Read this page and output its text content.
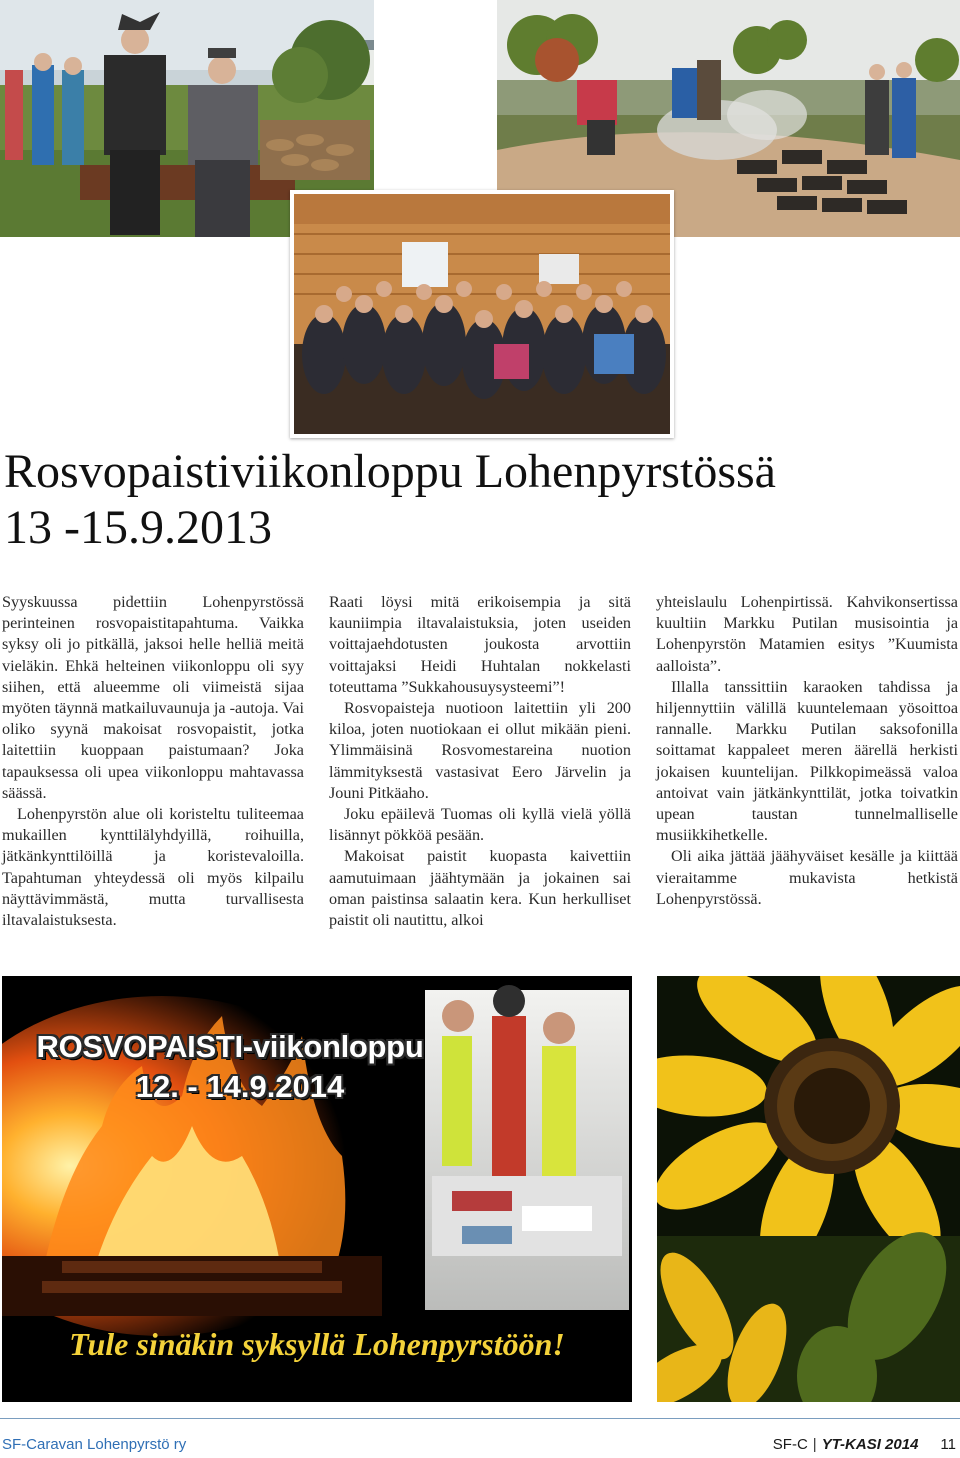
Rosvopaistiviikonloppu Lohenpyrstössä
13 -15.9.2013

Syyskuussa pidettiin Lohenpyrstössä perinteinen rosvopaistitapahtuma. Vaikka syksy oli jo pitkällä, jaksoi helle helliä meitä vieläkin. Ehkä helteinen viikonloppu oli syy siihen, että alueemme oli viimeistä sijaa myöten täynnä matkailuvaunuja ja -autoja. Vai oliko syynä makoisat rosvopaistit, jotka laitettiin kuoppaan paistumaan? Joka tapauksessa oli upea viikonloppu mahtavassa säässä.

Lohenpyrstön alue oli koristeltu tuliteemaa mukaillen kynttilälyhdyillä, roihuilla, jätkänkynttilöillä ja koristevaloilla. Tapahtuman yhteydessä oli myös kilpailu näyttävimmästä, mutta turvallisesta iltavalaistuksesta.

Raati löysi mitä erikoisempia ja sitä kauniimpia iltavalaistuksia, joten useiden voittajaehdotusten joukosta arvottiin voittajaksi Heidi Huhtalan nokkelasti toteuttama ”Sukkahousuysysteemi”!

Rosvopaisteja nuotioon laitettiin yli 200 kiloa, joten nuotiokaan ei ollut mikään pieni. Ylimmäisinä Rosvomestareina nuotion lämmityksestä vastasivat Eero Järvelin ja Jouni Pitkäaho.

Joku epäilevä Tuomas oli kyllä vielä yöllä lisännyt pökköä pesään.

Makoisat paistit kuopasta kaivettiin aamutuimaan jäähtymään ja jokainen sai oman paistinsa salaatin kera. Kun herkulliset paistit oli nautittu, alkoi

yhteislaulu Lohenpirtissä. Kahvikonsertissa kuultiin Markku Putilan musisointia ja Lohenpyrstön Matamien esitys ”Kuumista aalloista”.

Illalla tanssittiin karaoken tahdissa ja hiljennyttiin välillä kuuntelemaan yösoittoa rannalle. Markku Putilan saksofonilla soittamat kappaleet meren äärellä herkisti jokaisen kuuntelijan. Pilkkopimeässä valoa antoivat vain jätkänkynttilät, jotka toivatkin upean taustan tunnelmalliselle musiikkihetkelle.

Oli aika jättää jäähyväiset kesälle ja kiittää vieraitamme mukavista hetkistä Lohenpyrstössä.

ROSVOPAISTI-viikonloppu

12. - 14.9.2014

Tule sinäkin syksyllä Lohenpyrstöön!

SF-Caravan Lohenpyrstö ry	SF-C | YT-KASI 2014 11
